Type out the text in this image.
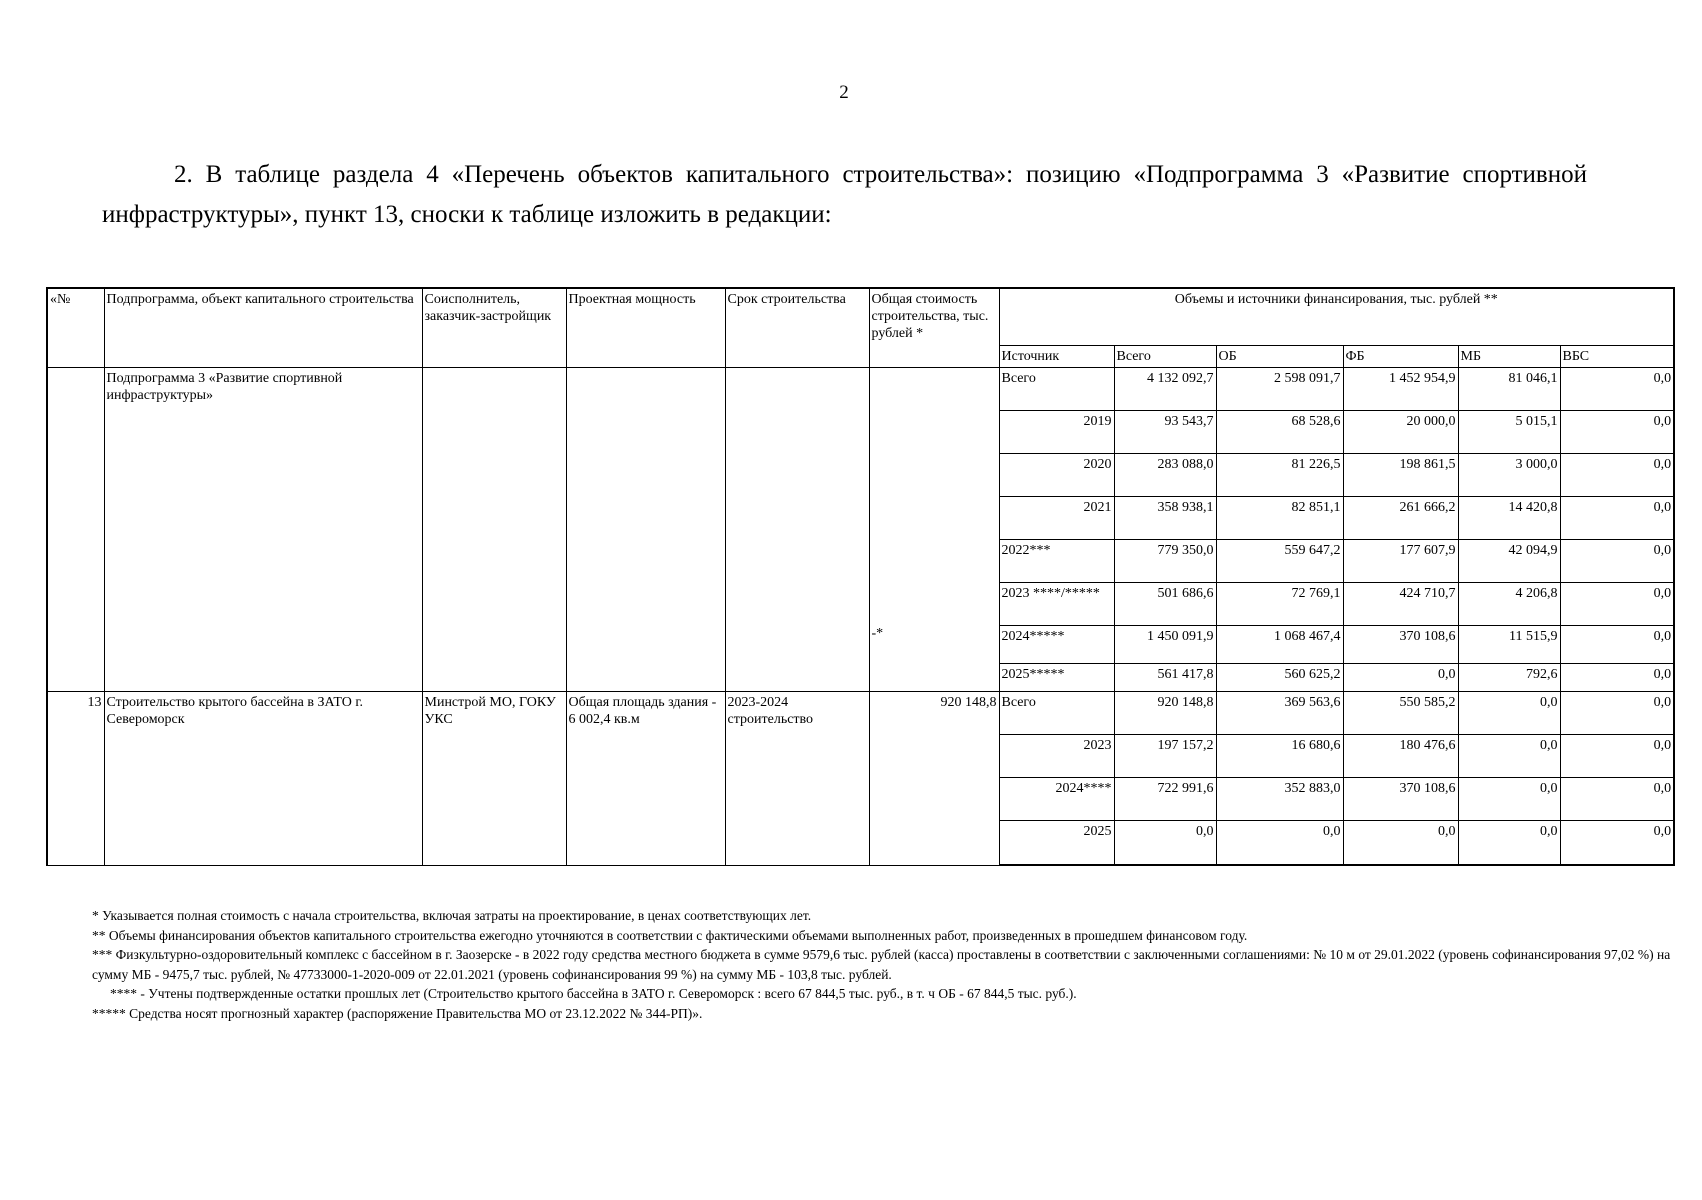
2
2. В таблице раздела 4 «Перечень объектов капитального строительства»: позицию «Подпрограмма 3 «Развитие спортивной инфраструктуры», пункт 13, сноски к таблице изложить в редакции:
«№	Подпрограмма, объект капитального строительства	Соисполнитель, заказчик-застройщик	Проектная мощность	Срок строительства	Общая стоимость строительства, тыс. рублей *	Объемы и источники финансирования, тыс. рублей **					
						Источник	Всего	ОБ	ФБ	МБ	ВБС
	Подпрограмма 3 «Развитие спортивной инфраструктуры»				-*	Всего	4 132 092,7	2 598 091,7	1 452 954,9	81 046,1	0,0
						2019	93 543,7	68 528,6	20 000,0	5 015,1	0,0
						2020	283 088,0	81 226,5	198 861,5	3 000,0	0,0
						2021	358 938,1	82 851,1	261 666,2	14 420,8	0,0
						2022***	779 350,0	559 647,2	177 607,9	42 094,9	0,0
						2023 ****/*****	501 686,6	72 769,1	424 710,7	4 206,8	0,0
						2024*****	1 450 091,9	1 068 467,4	370 108,6	11 515,9	0,0
						2025*****	561 417,8	560 625,2	0,0	792,6	0,0
13	Строительство крытого бассейна в ЗАТО г. Североморск	Минстрой МО, ГОКУ УКС	Общая площадь здания - 6 002,4 кв.м	2023-2024 строительство	920 148,8	Всего	920 148,8	369 563,6	550 585,2	0,0	0,0
						2023	197 157,2	16 680,6	180 476,6	0,0	0,0
						2024****	722 991,6	352 883,0	370 108,6	0,0	0,0
						2025	0,0	0,0	0,0	0,0	0,0

* Указывается полная стоимость с начала строительства, включая затраты на проектирование, в ценах соответствующих лет.

** Объемы финансирования объектов капитального строительства ежегодно уточняются в соответствии с фактическими объемами выполненных работ, произведенных в прошедшем финансовом году.

*** Физкультурно-оздоровительный комплекс с бассейном в г. Заозерске - в 2022 году средства местного бюджета в сумме 9579,6 тыс. рублей (касса) проставлены в соответствии с заключенными соглашениями: № 10 м от 29.01.2022 (уровень софинансирования 97,02 %) на сумму МБ - 9475,7 тыс. рублей, № 47733000-1-2020-009 от 22.01.2021 (уровень софинансирования 99 %) на сумму МБ - 103,8 тыс. рублей.

**** - Учтены подтвержденные остатки прошлых лет (Строительство крытого бассейна в ЗАТО г. Североморск : всего 67 844,5 тыс. руб., в т. ч ОБ - 67 844,5 тыс. руб.).

***** Средства носят прогнозный характер (распоряжение Правительства МО от 23.12.2022 № 344-РП)».
